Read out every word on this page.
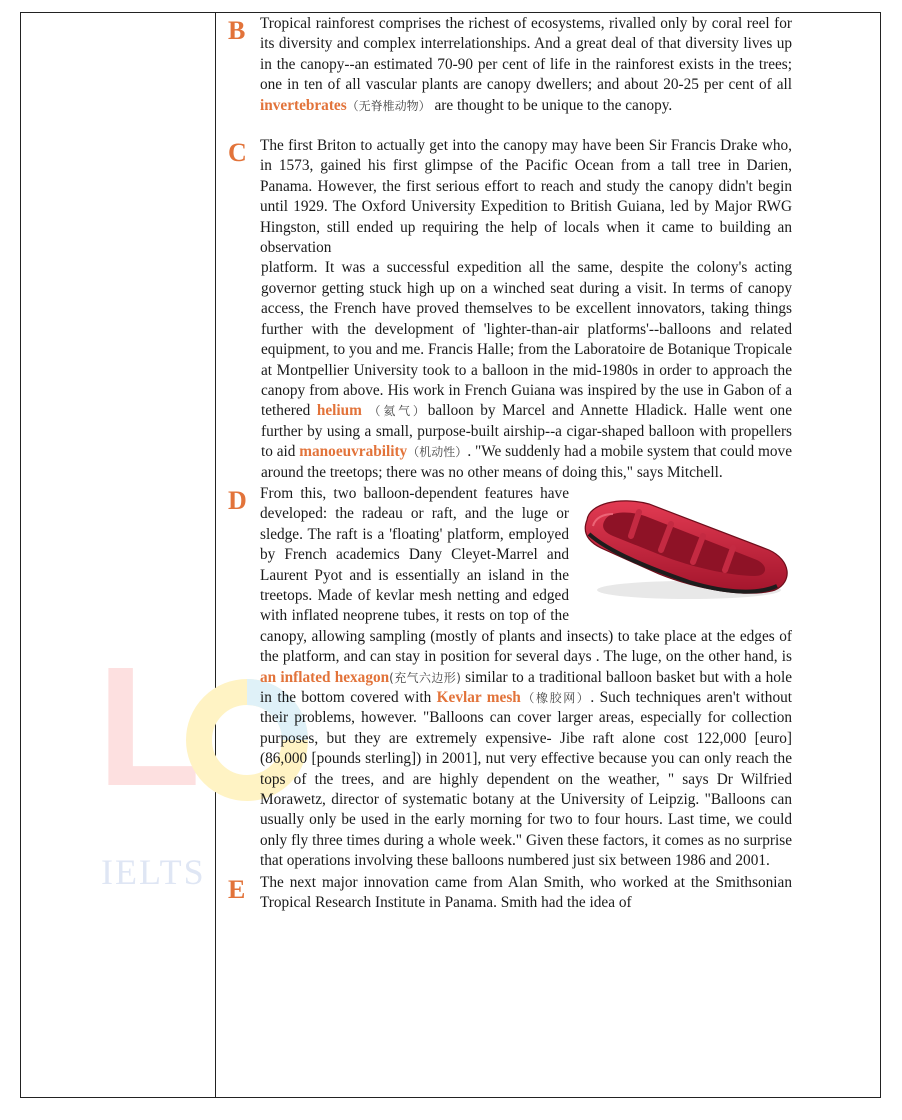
L
IELTS
B Tropical rainforest comprises the richest of ecosystems, rivalled only by coral reel for its diversity and complex interrelationships. And a great deal of that diversity lives up in the canopy--an estimated 70-90 per cent of life in the rainforest exists in the trees; one in ten of all vascular plants are canopy dwellers; and about 20-25 per cent of all invertebrates（无脊椎动物） are thought to be unique to the canopy.

C The first Briton to actually get into the canopy may have been Sir Francis Drake who, in 1573, gained his first glimpse of the Pacific Ocean from a tall tree in Darien, Panama. However, the first serious effort to reach and study the canopy didn't begin until 1929. The Oxford University Expedition to British Guiana, led by Major RWG Hingston, still ended up requiring the help of locals when it came to building an observation

platform. It was a successful expedition all the same, despite the colony's acting governor getting stuck high up on a winched seat during a visit. In terms of canopy access, the French have proved themselves to be excellent innovators, taking things further with the development of 'lighter-than-air platforms'--balloons and related equipment, to you and me. Francis Halle; from the Laboratoire de Botanique Tropicale at Montpellier University took to a balloon in the mid-1980s in order to approach the canopy from above. His work in French Guiana was inspired by the use in Gabon of a tethered helium （氦气）balloon by Marcel and Annette Hladick. Halle went one further by using a small, purpose-built airship--a cigar-shaped balloon with propellers to aid manoeuvrability（机动性）. "We suddenly had a mobile system that could move around the treetops; there was no other means of doing this," says Mitchell.

D From this, two balloon-dependent features have developed: the radeau or raft, and the luge or sledge. The raft is a 'floating' platform, employed by French academics Dany Cleyet-Marrel and Laurent Pyot and is essentially an island in the treetops. Made of kevlar mesh netting and edged with inflated neoprene tubes, it rests on top of the canopy, allowing sampling (mostly of plants and insects) to take place at the edges of the platform, and can stay in position for several days . The luge, on the other hand, is an inflated hexagon(充气六边形) similar to a traditional balloon basket but with a hole in the bottom covered with Kevlar mesh（橡胶网）. Such techniques aren't without their problems, however. "Balloons can cover larger areas, especially for collection purposes, but they are extremely expensive- Jibe raft alone cost 122,000 [euro] (86,000 [pounds sterling]) in 2001], nut very effective because you can only reach the tops of the trees, and are highly dependent on the weather, " says Dr Wilfried Morawetz, director of systematic botany at the University of Leipzig. "Balloons can usually only be used in the early morning for two to four hours. Last time, we could only fly three times during a whole week." Given these factors, it comes as no surprise that operations involving these balloons numbered just six between 1986 and 2001.

E The next major innovation came from Alan Smith, who worked at the Smithsonian Tropical Research Institute in Panama. Smith had the idea of
